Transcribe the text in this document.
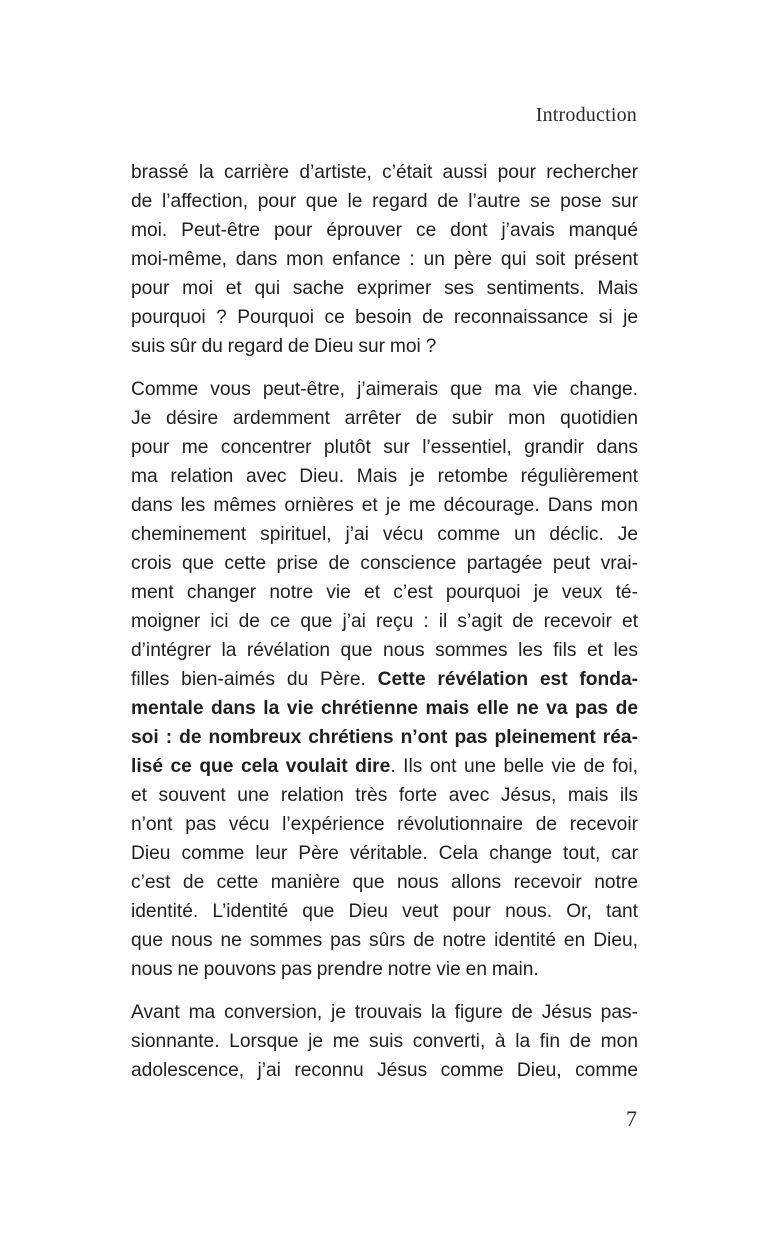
Introduction
brassé la carrière d’artiste, c’était aussi pour rechercher
de l’affection, pour que le regard de l’autre se pose sur
moi. Peut-être pour éprouver ce dont j’avais manqué
moi-même, dans mon enfance : un père qui soit présent
pour moi et qui sache exprimer ses sentiments. Mais
pourquoi ? Pourquoi ce besoin de reconnaissance si je
suis sûr du regard de Dieu sur moi ?
Comme vous peut-être, j’aimerais que ma vie change.
Je désire ardemment arrêter de subir mon quotidien
pour me concentrer plutôt sur l’essentiel, grandir dans
ma relation avec Dieu. Mais je retombe régulièrement
dans les mêmes ornières et je me décourage. Dans mon
cheminement spirituel, j’ai vécu comme un déclic. Je
crois que cette prise de conscience partagée peut vrai-
ment changer notre vie et c’est pourquoi je veux té-
moigner ici de ce que j’ai reçu : il s’agit de recevoir et
d’intégrer la révélation que nous sommes les fils et les
filles bien-aimés du Père. Cette révélation est fonda-
mentale dans la vie chrétienne mais elle ne va pas de
soi : de nombreux chrétiens n’ont pas pleinement réa-
lisé ce que cela voulait dire. Ils ont une belle vie de foi,
et souvent une relation très forte avec Jésus, mais ils
n’ont pas vécu l’expérience révolutionnaire de recevoir
Dieu comme leur Père véritable. Cela change tout, car
c’est de cette manière que nous allons recevoir notre
identité. L’identité que Dieu veut pour nous. Or, tant
que nous ne sommes pas sûrs de notre identité en Dieu,
nous ne pouvons pas prendre notre vie en main.
Avant ma conversion, je trouvais la figure de Jésus pas-
sionnante. Lorsque je me suis converti, à la fin de mon
adolescence, j’ai reconnu Jésus comme Dieu, comme
7
